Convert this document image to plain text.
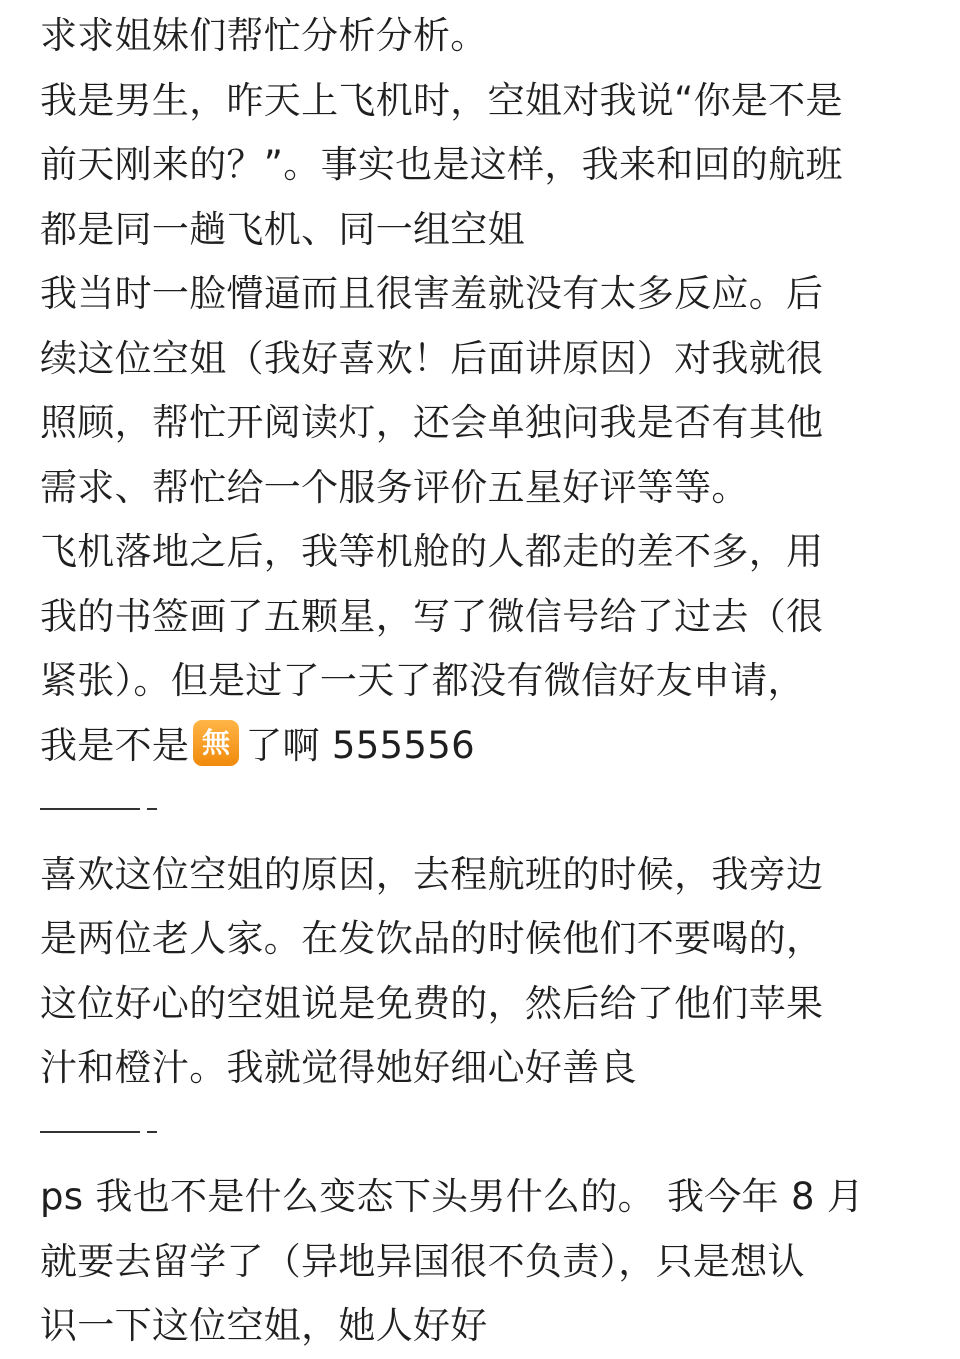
求求姐妹们帮忙分析分析。
我是男生，昨天上飞机时，空姐对我说“你是不是
前天刚来的？”。事实也是这样，我来和回的航班
都是同一趟飞机、同一组空姐
我当时一脸懵逼而且很害羞就没有太多反应。后
续这位空姐（我好喜欢！后面讲原因）对我就很
照顾，帮忙开阅读灯，还会单独问我是否有其他
需求、帮忙给一个服务评价五星好评等等。
飞机落地之后，我等机舱的人都走的差不多，用
我的书签画了五颗星，写了微信号给了过去（很
紧张）。但是过了一天了都没有微信好友申请，
我是不是 無 了啊 555556
喜欢这位空姐的原因，去程航班的时候，我旁边
是两位老人家。在发饮品的时候他们不要喝的，
这位好心的空姐说是免费的，然后给了他们苹果
汁和橙汁。我就觉得她好细心好善良
ps 我也不是什么变态下头男什么的。 我今年 8 月
就要去留学了（异地异国很不负责），只是想认
识一下这位空姐，她人好好
